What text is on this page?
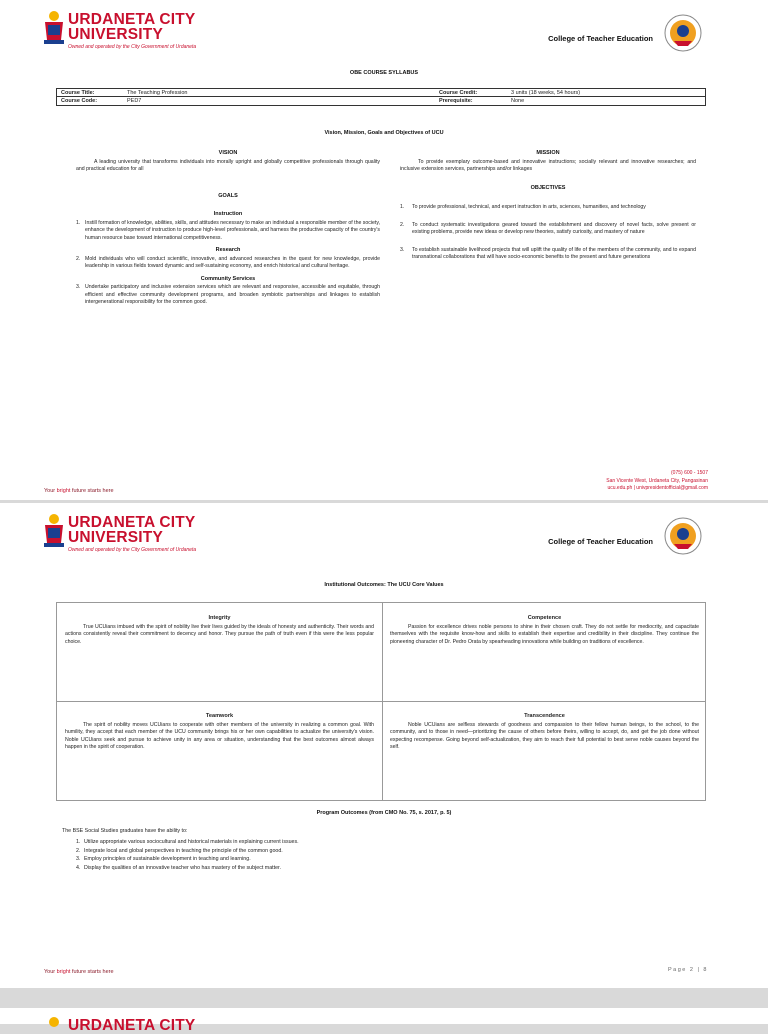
URDANETA CITY
UNIVERSITY
Owned and operated by the City Government of Urdaneta
College of Teacher Education
OBE COURSE SYLLABUS
Course Title:	The Teaching Profession	Course Credit:	3 units (18 weeks, 54 hours)
Course Code:	PED7	Prerequisite:	None
Vision, Mission, Goals and Objectives of UCU
VISION
A leading university that transforms individuals into morally upright and globally competitive professionals through quality and practical education for all
GOALS
Instruction
1. Instill formation of knowledge, abilities, skills, and attitudes necessary to make an individual a responsible member of the society, enhance the development of instruction to produce high-level professionals, and harness the productive capacity of the country's human resource base toward international competitiveness.
Research
2. Mold individuals who will conduct scientific, innovative, and advanced researches in the quest for new knowledge, provide leadership in various fields toward dynamic and self-sustaining economy, and enrich historical and cultural heritage.
Community Services
3. Undertake participatory and inclusive extension services which are relevant and responsive, accessible and equitable, through efficient and effective community development programs, and broaden symbiotic partnerships and linkages to establish intergenerational responsibility for the common good.
MISSION
To provide exemplary outcome-based and innovative instructions; socially relevant and innovative researches; and inclusive extension services, partnerships and/or linkages
OBJECTIVES
1.	To provide professional, technical, and expert instruction in arts, sciences, humanities, and technology
2.	To conduct systematic investigations geared toward the establishment and discovery of novel facts, solve present or existing problems, provide new ideas or develop new theories, satisfy curiosity, and mastery of nature
3.	To establish sustainable livelihood projects that will uplift the quality of life of the members of the community, and to expand transnational collaborations that will have socio-economic benefits to the present and future generations
(075) 600 - 1507
San Vicente West, Urdaneta City, Pangasinan
ucu.edu.ph | univpresidentofficial@gmail.com
Your bright future starts here
URDANETA CITY
UNIVERSITY
Owned and operated by the City Government of Urdaneta
College of Teacher Education
Institutional Outcomes: The UCU Core Values
Page 2 | 8
Your bright future starts here
Integrity

True UCUians imbued with the spirit of nobility live their lives guided by the ideals of honesty and authenticity. Their words and actions consistently reveal their commitment to decency and honor. They pursue the path of truth even if this were the less popular choice.

Competence

Passion for excellence drives noble persons to shine in their chosen craft. They do not settle for mediocrity, and capacitate themselves with the requisite know-how and skills to establish their expertise and credibility in their discipline. They continue the pioneering character of Dr. Pedro Orata by spearheading innovations while building on traditions of excellence.

Teamwork

The spirit of nobility moves UCUians to cooperate with other members of the university in realizing a common goal. With humility, they accept that each member of the UCU community brings his or her own capabilities to actualize the university's vision. Noble UCUians seek and pursue to achieve unity in any area or situation, understanding that the best outcomes almost always happen in the spirit of cooperation.

Transcendence

Noble UCUians are selfless stewards of goodness and compassion to their fellow human beings, to the school, to the community, and to those in need—prioritizing the cause of others before theirs, willing to accept, do, and get the job done without expecting recompense. Going beyond self-actualization, they aim to reach their full potential to best serve noble causes beyond the self.

Program Outcomes (from CMO No. 75, s. 2017, p. 5)
The BSE Social Studies graduates have the ability to:
1. Utilize appropriate various sociocultural and historical materials in explaining current issues.
2. Integrate local and global perspectives in teaching the principle of the common good.
3. Employ principles of sustainable development in teaching and learning.
4. Display the qualities of an innovative teacher who has mastery of the subject matter.
URDANETA CITY
